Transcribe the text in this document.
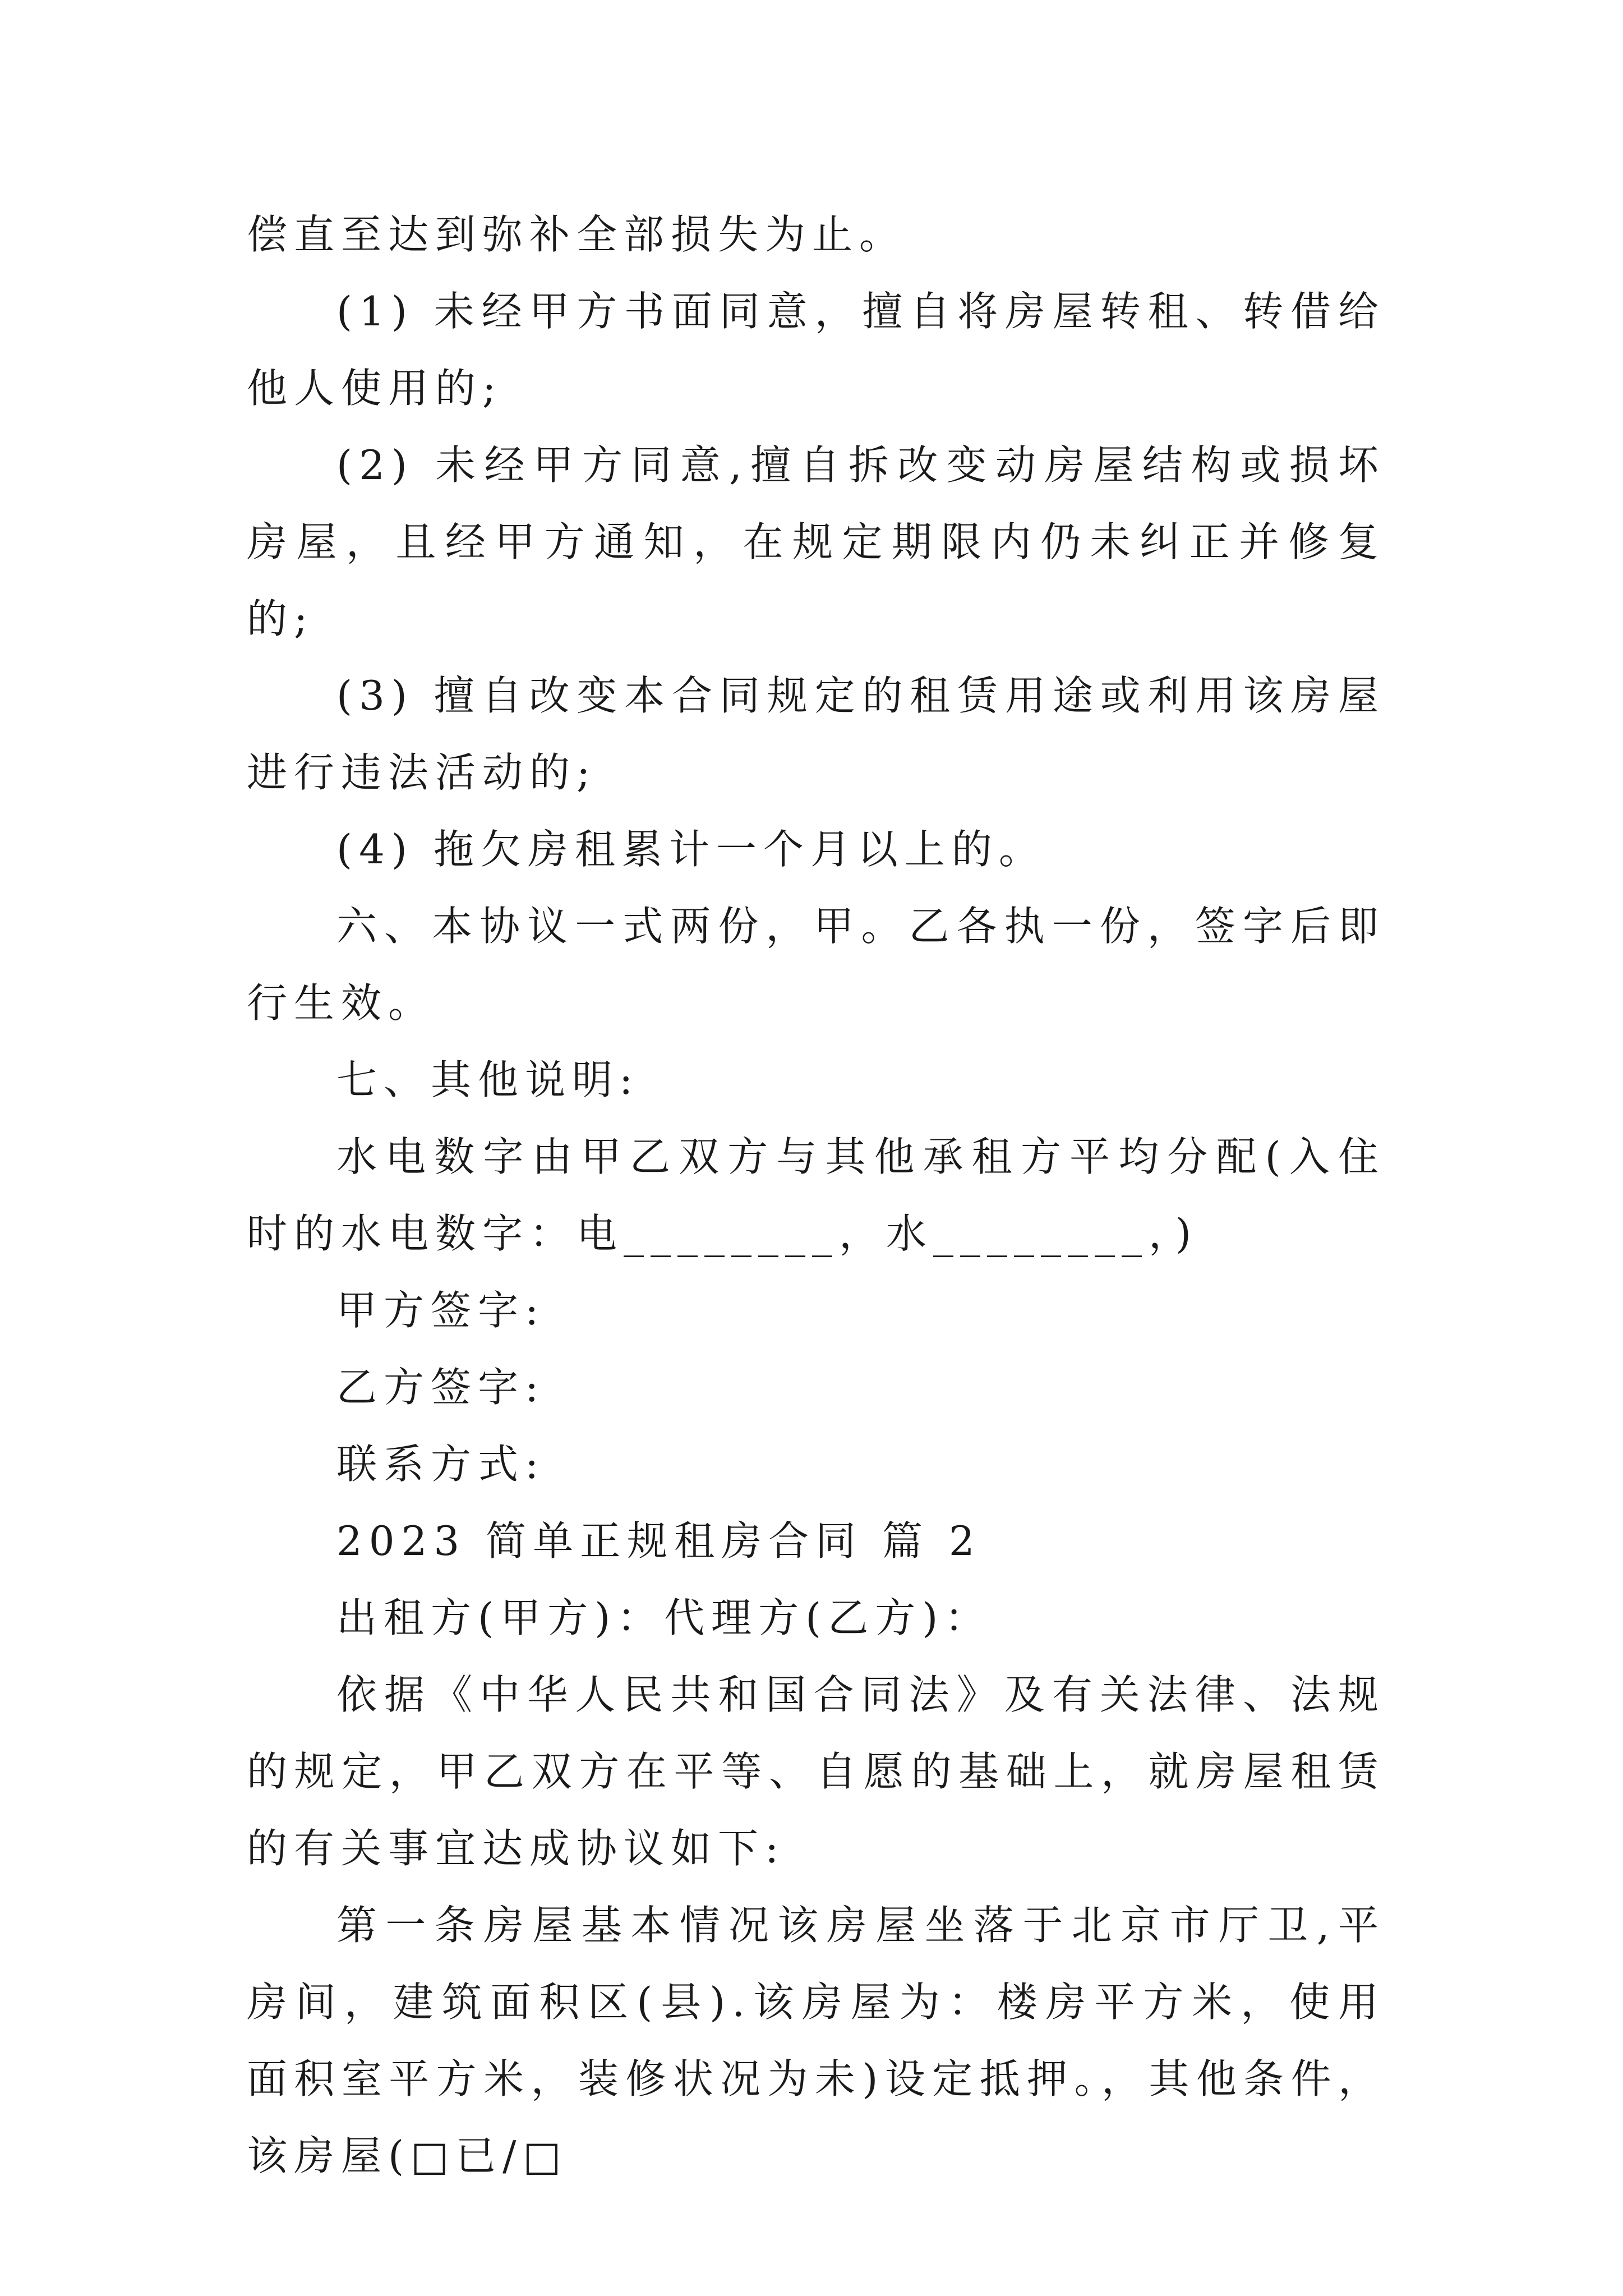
偿直至达到弥补全部损失为止。

(1) 未经甲方书面同意，擅自将房屋转租、转借给他人使用的;

(2) 未经甲方同意,擅自拆改变动房屋结构或损坏房屋，且经甲方通知，在规定期限内仍未纠正并修复的;

(3) 擅自改变本合同规定的租赁用途或利用该房屋进行违法活动的;

(4) 拖欠房租累计一个月以上的。

六、本协议一式两份，甲。乙各执一份，签字后即行生效。

七、其他说明:

水电数字由甲乙双方与其他承租方平均分配(入住时的水电数字：电________，水________，)

甲方签字:

乙方签字:

联系方式:

2023 简单正规租房合同 篇 2

出租方(甲方)：代理方(乙方)：

依据《中华人民共和国合同法》及有关法律、法规的规定，甲乙双方在平等、自愿的基础上，就房屋租赁的有关事宜达成协议如下:

第一条房屋基本情况该房屋坐落于北京市厅卫,平房间，建筑面积区(县).该房屋为：楼房平方米，使用面积室平方米，装修状况为未)设定抵押。，其他条件，该房屋(□已/□
